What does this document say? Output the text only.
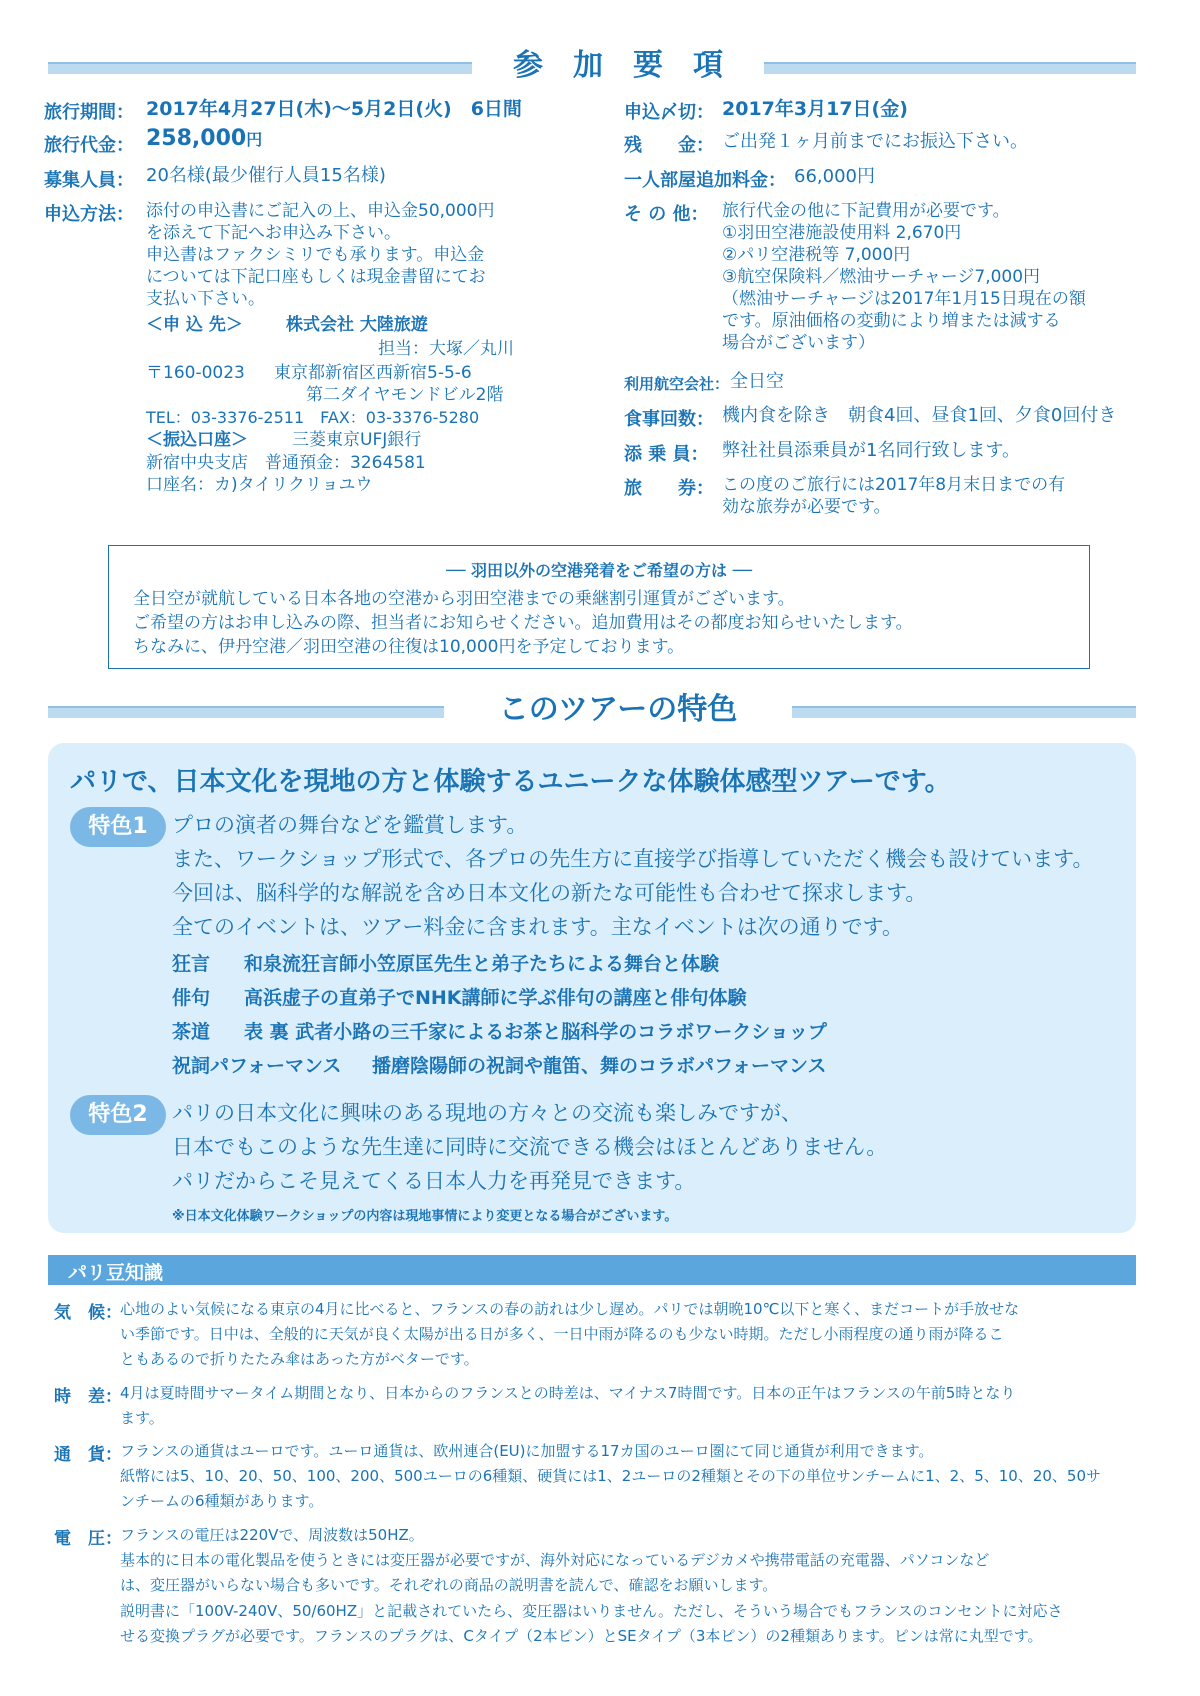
参　加　要　項
旅行期間： 2017年4月27日(木)〜5月2日(火)　6日間
旅行代金： 258,000円
募集人員： 20名様(最少催行人員15名様)
申込方法： 添付の申込書にご記入の上、申込金50,000円
を添えて下記へお申込み下さい。
申込書はファクシミリでも承ります。申込金
については下記口座もしくは現金書留にてお
支払い下さい。
＜申 込 先＞	株式会社 大陸旅遊
担当：大塚／丸川
〒160-0023 東京都新宿区西新宿5-5-6
第二ダイヤモンドビル2階
TEL：03-3376-2511　FAX：03-3376-5280
＜振込口座＞	三菱東京UFJ銀行
新宿中央支店　普通預金：3264581
口座名：カ)タイリクリョユウ
申込〆切： 2017年3月17日(金)
残　　金： ご出発１ヶ月前までにお振込下さい。
一人部屋追加料金： 66,000円
そ の 他： 旅行代金の他に下記費用が必要です。
①羽田空港施設使用料 2,670円
②パリ空港税等 7,000円
③航空保険料／燃油サーチャージ7,000円
（燃油サーチャージは2017年1月15日現在の額
です。原油価格の変動により増または減する
場合がございます）
利用航空会社： 全日空
食事回数： 機内食を除き　朝食4回、昼食1回、夕食0回付き
添 乗 員： 弊社社員添乗員が1名同行致します。
旅　　券： この度のご旅行には2017年8月末日までの有
効な旅券が必要です。
── 羽田以外の空港発着をご希望の方は ──
全日空が就航している日本各地の空港から羽田空港までの乗継割引運賃がございます。
ご希望の方はお申し込みの際、担当者にお知らせください。追加費用はその都度お知らせいたします。
ちなみに、伊丹空港／羽田空港の往復は10,000円を予定しております。
このツアーの特色
パリで、日本文化を現地の方と体験するユニークな体験体感型ツアーです。
特色1	プロの演者の舞台などを鑑賞します。
また、ワークショップ形式で、各プロの先生方に直接学び指導していただく機会も設けています。
今回は、脳科学的な解説を含め日本文化の新たな可能性も合わせて探求します。
全てのイベントは、ツアー料金に含まれます。主なイベントは次の通りです。
狂言 和泉流狂言師小笠原匡先生と弟子たちによる舞台と体験
俳句 高浜虚子の直弟子でNHK講師に学ぶ俳句の講座と俳句体験
茶道 表 裏 武者小路の三千家によるお茶と脳科学のコラボワークショップ
祝詞パフォーマンス 播磨陰陽師の祝詞や龍笛、舞のコラボパフォーマンス
特色2	パリの日本文化に興味のある現地の方々との交流も楽しみですが、
日本でもこのような先生達に同時に交流できる機会はほとんどありません。
パリだからこそ見えてくる日本人力を再発見できます。
※日本文化体験ワークショップの内容は現地事情により変更となる場合がございます。
パリ豆知識
気　候：
心地のよい気候になる東京の4月に比べると、フランスの春の訪れは少し遅め。パリでは朝晩10℃以下と寒く、まだコートが手放せな
い季節です。日中は、全般的に天気が良く太陽が出る日が多く、一日中雨が降るのも少ない時期。ただし小雨程度の通り雨が降るこ
ともあるので折りたたみ傘はあった方がベターです。
時　差：
4月は夏時間サマータイム期間となり、日本からのフランスとの時差は、マイナス7時間です。日本の正午はフランスの午前5時となり
ます。
通　貨：
フランスの通貨はユーロです。ユーロ通貨は、欧州連合(EU)に加盟する17カ国のユーロ圏にて同じ通貨が利用できます。
紙幣には5、10、20、50、100、200、500ユーロの6種類、硬貨には1、2ユーロの2種類とその下の単位サンチームに1、2、5、10、20、50サ
ンチームの6種類があります。
電　圧：
フランスの電圧は220Vで、周波数は50HZ。
基本的に日本の電化製品を使うときには変圧器が必要ですが、海外対応になっているデジカメや携帯電話の充電器、パソコンなど
は、変圧器がいらない場合も多いです。それぞれの商品の説明書を読んで、確認をお願いします。
説明書に「100V-240V、50/60HZ」と記載されていたら、変圧器はいりません。ただし、そういう場合でもフランスのコンセントに対応さ
せる変換プラグが必要です。フランスのプラグは、Cタイプ（2本ピン）とSEタイプ（3本ピン）の2種類あります。ピンは常に丸型です。
